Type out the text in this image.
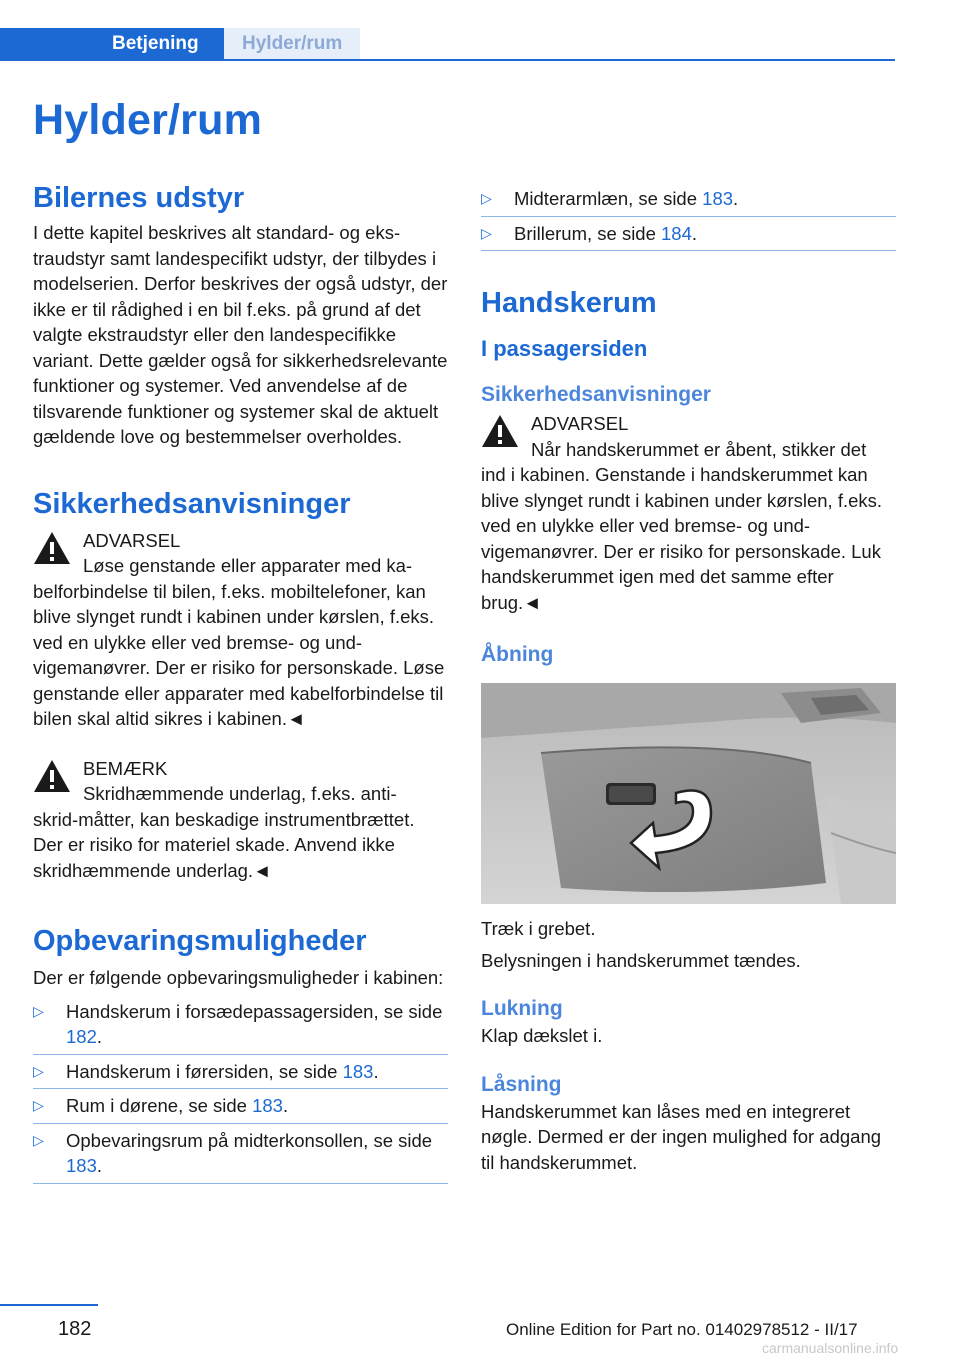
Betjening	Hylder/rum
Hylder/rum
Bilernes udstyr

I dette kapitel beskrives alt standard- og ekstraudstyr samt landespecifikt udstyr, der tilbydes i modelserien. Derfor beskrives der også udstyr, der ikke er til rådighed i en bil f.eks. på grund af det valgte ekstraudstyr eller den landespecifikke variant. Dette gælder også for sikkerhedsrelevante funktioner og systemer. Ved anvendelse af de tilsvarende funktioner og systemer skal de aktuelt gældende love og bestemmelser overholdes.

Sikkerhedsanvisninger
ADVARSEL
Løse genstande eller apparater med ka-
belforbindelse til bilen, f.eks. mobiltelefoner, kan blive slynget rundt i kabinen under kørslen, f.eks. ved en ulykke eller ved bremse- og undvigemanøvrer. Der er risiko for personskade. Løse genstande eller apparater med kabelforbindelse til bilen skal altid sikres i kabinen.◄
BEMÆRK
Skridhæmmende underlag, f.eks. anti-
skrid-måtter, kan beskadige instrumentbrættet. Der er risiko for materiel skade. Anvend ikke skridhæmmende underlag.◄
Opbevaringsmuligheder

Der er følgende opbevaringsmuligheder i kabinen:

▷ Handskerum i forsædepassagersiden, se side 182.
▷ Handskerum i førersiden, se side 183.
▷ Rum i dørene, se side 183.
▷ Opbevaringsrum på midterkonsollen, se side 183.
▷ Midterarmlæn, se side 183.
▷ Brillerum, se side 184.
Handskerum
I passagersiden
Sikkerhedsanvisninger
ADVARSEL
Når handskerummet er åbent, stikker det
ind i kabinen. Genstande i handskerummet kan blive slynget rundt i kabinen under kørslen, f.eks. ved en ulykke eller ved bremse- og undvigemanøvrer. Der er risiko for personskade. Luk handskerummet igen med det samme efter brug.◄
Åbning

Træk i grebet.

Belysningen i handskerummet tændes.

Lukning

Klap dækslet i.

Låsning

Handskerummet kan låses med en integreret nøgle. Dermed er der ingen mulighed for adgang til handskerummet.

182	Online Edition for Part no. 01402978512 - II/17
carmanualsonline.info
